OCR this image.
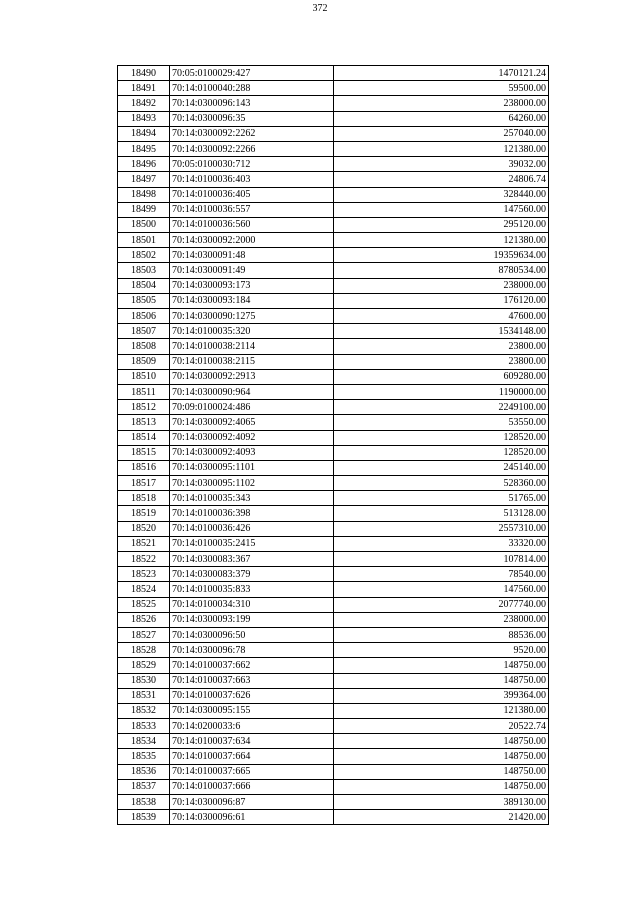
372
18490	70:05:0100029:427	1470121.24
18491	70:14:0100040:288	59500.00
18492	70:14:0300096:143	238000.00
18493	70:14:0300096:35	64260.00
18494	70:14:0300092:2262	257040.00
18495	70:14:0300092:2266	121380.00
18496	70:05:0100030:712	39032.00
18497	70:14:0100036:403	24806.74
18498	70:14:0100036:405	328440.00
18499	70:14:0100036:557	147560.00
18500	70:14:0100036:560	295120.00
18501	70:14:0300092:2000	121380.00
18502	70:14:0300091:48	19359634.00
18503	70:14:0300091:49	8780534.00
18504	70:14:0300093:173	238000.00
18505	70:14:0300093:184	176120.00
18506	70:14:0300090:1275	47600.00
18507	70:14:0100035:320	1534148.00
18508	70:14:0100038:2114	23800.00
18509	70:14:0100038:2115	23800.00
18510	70:14:0300092:2913	609280.00
18511	70:14:0300090:964	1190000.00
18512	70:09:0100024:486	2249100.00
18513	70:14:0300092:4065	53550.00
18514	70:14:0300092:4092	128520.00
18515	70:14:0300092:4093	128520.00
18516	70:14:0300095:1101	245140.00
18517	70:14:0300095:1102	528360.00
18518	70:14:0100035:343	51765.00
18519	70:14:0100036:398	513128.00
18520	70:14:0100036:426	2557310.00
18521	70:14:0100035:2415	33320.00
18522	70:14:0300083:367	107814.00
18523	70:14:0300083:379	78540.00
18524	70:14:0100035:833	147560.00
18525	70:14:0100034:310	2077740.00
18526	70:14:0300093:199	238000.00
18527	70:14:0300096:50	88536.00
18528	70:14:0300096:78	9520.00
18529	70:14:0100037:662	148750.00
18530	70:14:0100037:663	148750.00
18531	70:14:0100037:626	399364.00
18532	70:14:0300095:155	121380.00
18533	70:14:0200033:6	20522.74
18534	70:14:0100037:634	148750.00
18535	70:14:0100037:664	148750.00
18536	70:14:0100037:665	148750.00
18537	70:14:0100037:666	148750.00
18538	70:14:0300096:87	389130.00
18539	70:14:0300096:61	21420.00
